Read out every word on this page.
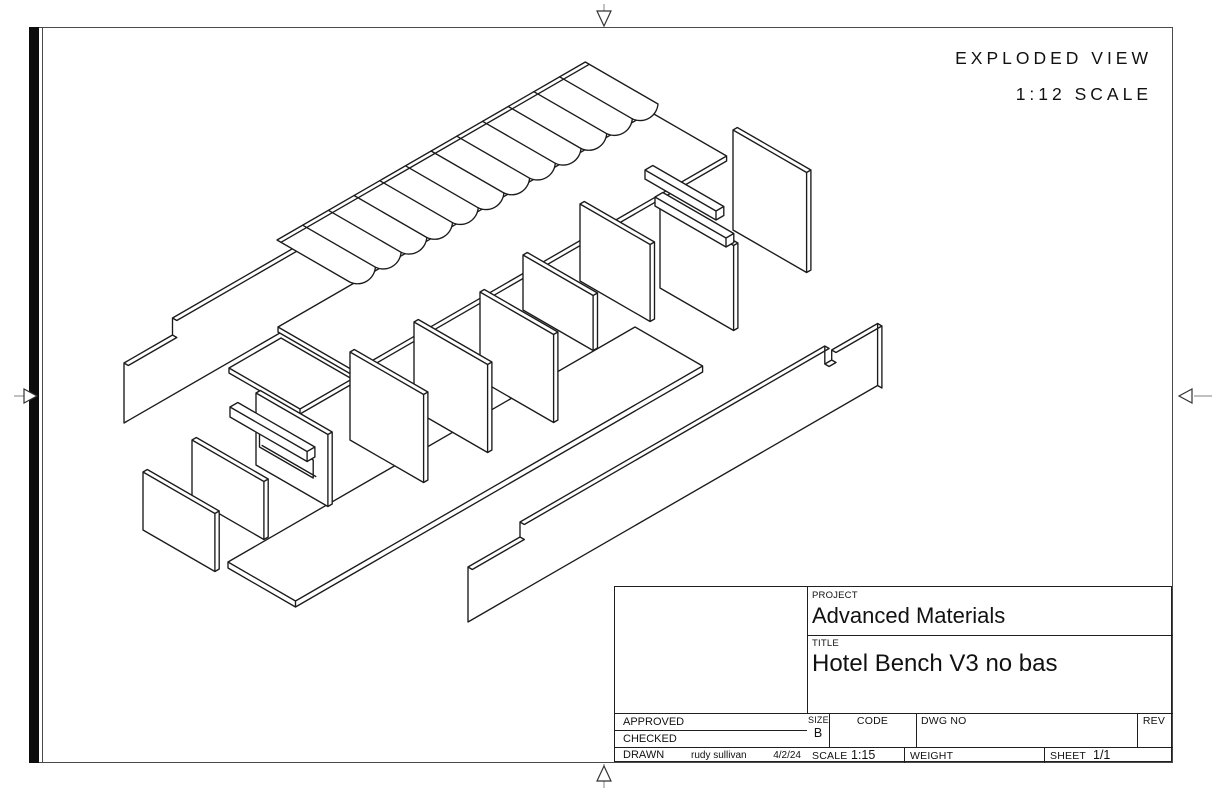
EXPLODED VIEW
1:12 SCALE
PROJECT
Advanced Materials
TITLE
Hotel Bench V3 no bas
APPROVED
CHECKED
DRAWN	rudy sullivan	4/2/24
SIZE
B
CODE	DWG NO	REV
SCALE 1:15	WEIGHT	SHEET 1/1
